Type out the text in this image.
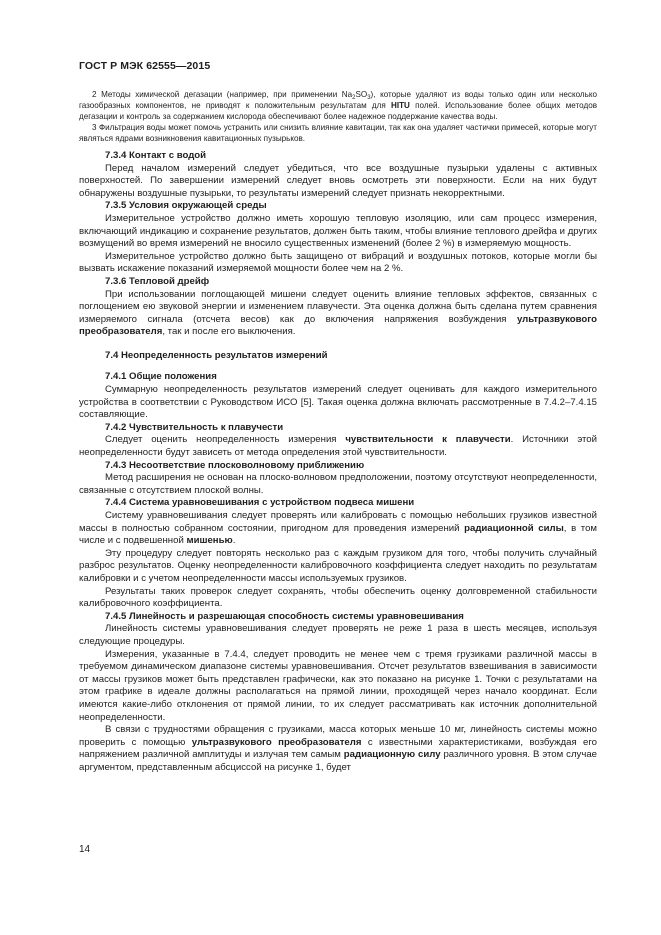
ГОСТ Р МЭК 62555—2015

2 Методы химической дегазации (например, при применении $Na_2SO_3$), которые удаляют из воды только один или несколько газообразных компонентов, не приводят к положительным результатам для HITU полей. Использование более общих методов дегазации и контроль за содержанием кислорода обеспечивают более надежное поддержание качества воды.

3 Фильтрация воды может помочь устранить или снизить влияние кавитации, так как она удаляет частички примесей, которые могут являться ядрами возникновения кавитационных пузырьков.

7.3.4 Контакт с водой

Перед началом измерений следует убедиться, что все воздушные пузырьки удалены с активных поверхностей. По завершении измерений следует вновь осмотреть эти поверхности. Если на них будут обнаружены воздушные пузырьки, то результаты измерений следует признать некорректными.

7.3.5 Условия окружающей среды

Измерительное устройство должно иметь хорошую тепловую изоляцию, или сам процесс измерения, включающий индикацию и сохранение результатов, должен быть таким, чтобы влияние теплового дрейфа и других возмущений во время измерений не вносило существенных изменений (более 2 %) в измеряемую мощность.

Измерительное устройство должно быть защищено от вибраций и воздушных потоков, которые могли бы вызвать искажение показаний измеряемой мощности более чем на 2 %.

7.3.6 Тепловой дрейф

При использовании поглощающей мишени следует оценить влияние тепловых эффектов, связанных с поглощением ею звуковой энергии и изменением плавучести. Эта оценка должна быть сделана путем сравнения измеряемого сигнала (отсчета весов) как до включения напряжения возбуждения ультразвукового преобразователя, так и после его выключения.

7.4 Неопределенность результатов измерений
7.4.1 Общие положения

Суммарную неопределенность результатов измерений следует оценивать для каждого измерительного устройства в соответствии с Руководством ИСО [5]. Такая оценка должна включать рассмотренные в 7.4.2–7.4.15 составляющие.

7.4.2 Чувствительность к плавучести

Следует оценить неопределенность измерения чувствительности к плавучести. Источники этой неопределенности будут зависеть от метода определения этой чувствительности.

7.4.3 Несоответствие плосковолновому приближению

Метод расширения не основан на плоско-волновом предположении, поэтому отсутствуют неопределенности, связанные с отсутствием плоской волны.

7.4.4 Система уравновешивания с устройством подвеса мишени

Систему уравновешивания следует проверять или калибровать с помощью небольших грузиков известной массы в полностью собранном состоянии, пригодном для проведения измерений радиационной силы, в том числе и с подвешенной мишенью.

Эту процедуру следует повторять несколько раз с каждым грузиком для того, чтобы получить случайный разброс результатов. Оценку неопределенности калибровочного коэффициента следует находить по результатам калибровки и с учетом неопределенности массы используемых грузиков.

Результаты таких проверок следует сохранять, чтобы обеспечить оценку долговременной стабильности калибровочного коэффициента.

7.4.5 Линейность и разрешающая способность системы уравновешивания

Линейность системы уравновешивания следует проверять не реже 1 раза в шесть месяцев, используя следующие процедуры.

Измерения, указанные в 7.4.4, следует проводить не менее чем с тремя грузиками различной массы в требуемом динамическом диапазоне системы уравновешивания. Отсчет результатов взвешивания в зависимости от массы грузиков может быть представлен графически, как это показано на рисунке 1. Точки с результатами на этом графике в идеале должны располагаться на прямой линии, проходящей через начало координат. Если имеются какие-либо отклонения от прямой линии, то их следует рассматривать как источник дополнительной неопределенности.

В связи с трудностями обращения с грузиками, масса которых меньше 10 мг, линейность системы можно проверить с помощью ультразвукового преобразователя с известными характеристиками, возбуждая его напряжением различной амплитуды и излучая тем самым радиационную силу различного уровня. В этом случае аргументом, представленным абсциссой на рисунке 1, будет

14
